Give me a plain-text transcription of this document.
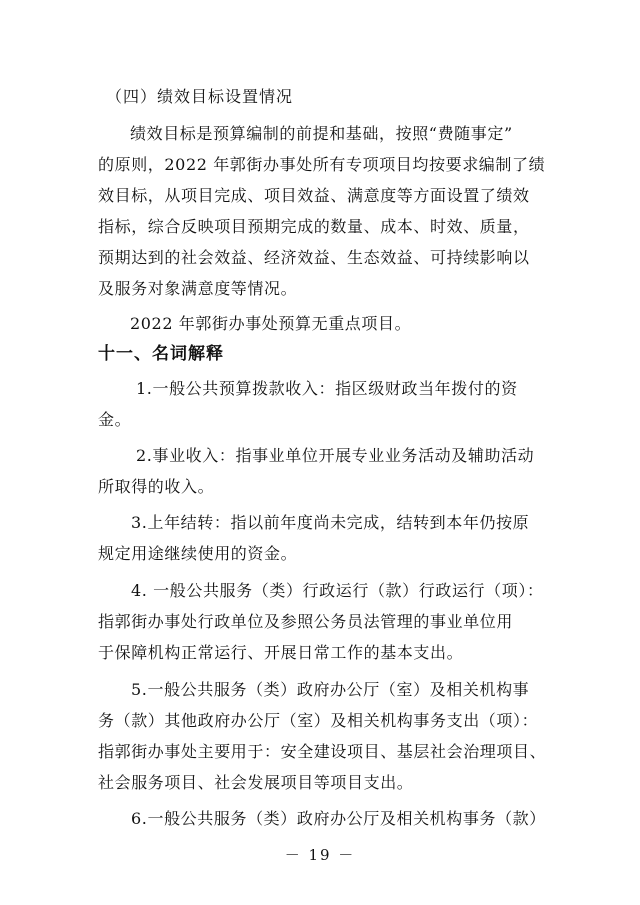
（四）绩效目标设置情况
绩效目标是预算编制的前提和基础，按照“费随事定”
的原则，2022 年郭街办事处所有专项项目均按要求编制了绩
效目标，从项目完成、项目效益、满意度等方面设置了绩效
指标，综合反映项目预期完成的数量、成本、时效、质量，
预期达到的社会效益、经济效益、生态效益、可持续影响以
及服务对象满意度等情况。
2022 年郭街办事处预算无重点项目。
十一、名词解释
1.一般公共预算拨款收入：指区级财政当年拨付的资
金。
2.事业收入：指事业单位开展专业业务活动及辅助活动
所取得的收入。
3.上年结转：指以前年度尚未完成，结转到本年仍按原
规定用途继续使用的资金。
4. 一般公共服务（类）行政运行（款）行政运行（项）：
指郭街办事处行政单位及参照公务员法管理的事业单位用
于保障机构正常运行、开展日常工作的基本支出。
5.一般公共服务（类）政府办公厅（室）及相关机构事
务（款）其他政府办公厅（室）及相关机构事务支出（项）：
指郭街办事处主要用于：安全建设项目、基层社会治理项目、
社会服务项目、社会发展项目等项目支出。
6.一般公共服务（类）政府办公厅及相关机构事务（款）
－ 19 －
